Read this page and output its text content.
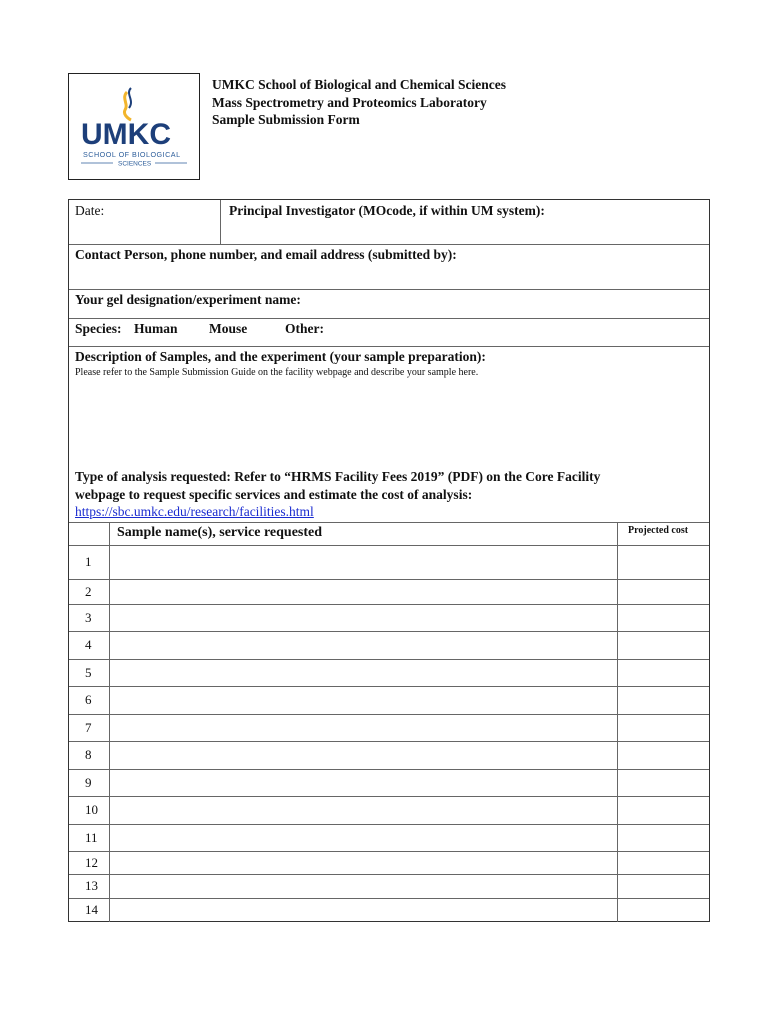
UMKC
SCHOOL OF BIOLOGICAL
SCIENCES
UMKC School of Biological and Chemical Sciences
Mass Spectrometry and Proteomics Laboratory
Sample Submission Form
Date:	Principal Investigator (MOcode, if within UM system):
Contact Person, phone number, and email address (submitted by):
Your gel designation/experiment name:
Species: Human Mouse	Other:
Description of Samples, and the experiment (your sample preparation):
Please refer to the Sample Submission Guide on the facility webpage and describe your sample here.
Type of analysis requested: Refer to “HRMS Facility Fees 2019” (PDF) on the Core Facility
webpage to request specific services and estimate the cost of analysis:
https://sbc.umkc.edu/research/facilities.html
Sample name(s), service requested	Projected cost
1
2
3
4
5
6
7
8
9
10
11
12
13
14
